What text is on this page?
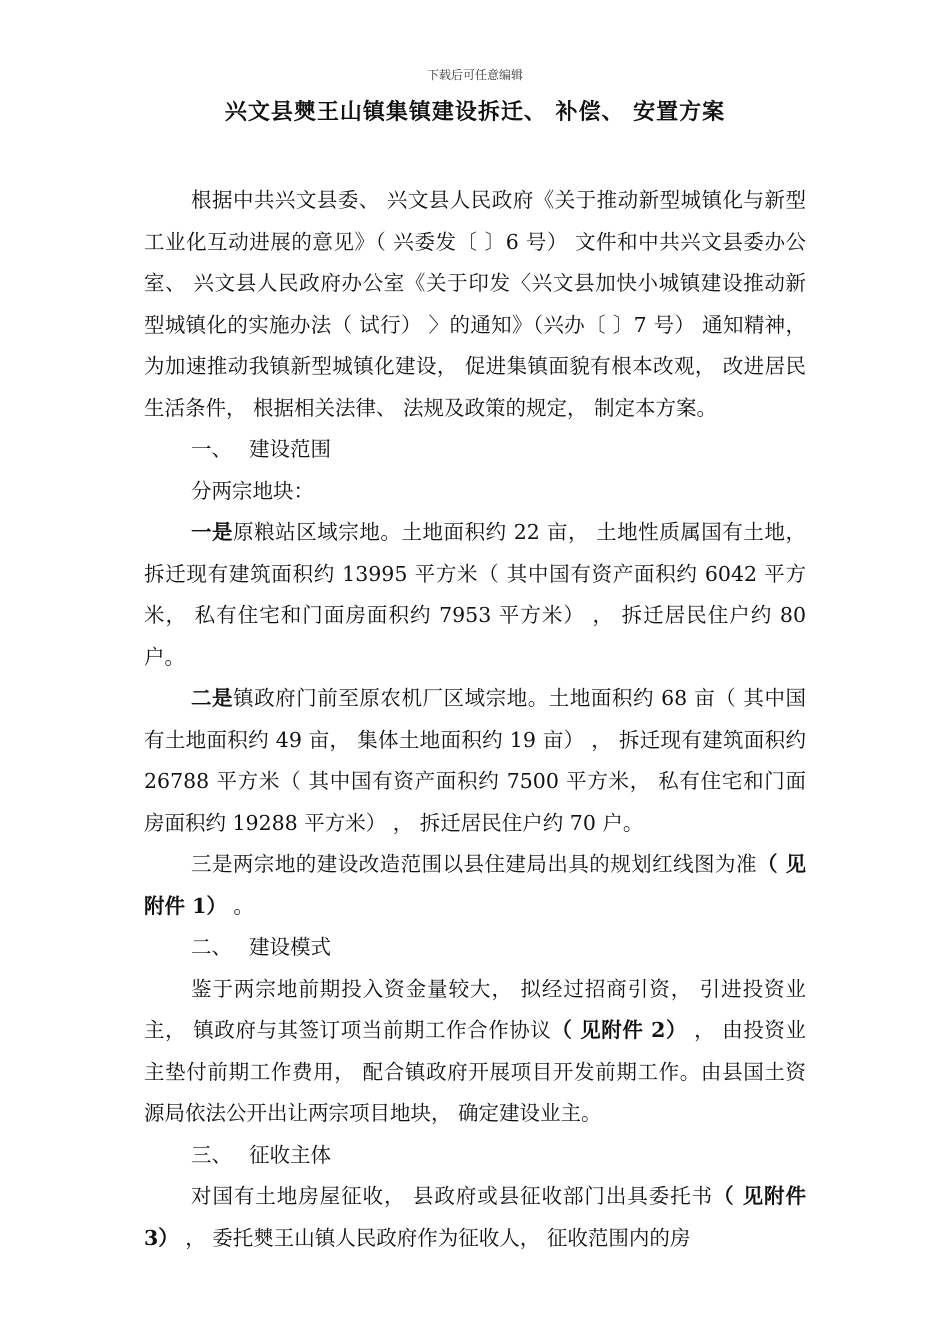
下载后可任意编辑
兴文县僰王山镇集镇建设拆迁、 补偿、 安置方案

根据中共兴文县委、 兴文县人民政府《关于推动新型城镇化与新型工业化互动进展的意见》（ 兴委发〔 〕6 号） 文件和中共兴文县委办公室、 兴文县人民政府办公室《关于印发〈兴文县加快小城镇建设推动新型城镇化的实施办法（ 试行） 〉的通知》（兴办〔 〕7 号） 通知精神， 为加速推动我镇新型城镇化建设， 促进集镇面貌有根本改观， 改进居民生活条件， 根据相关法律、 法规及政策的规定， 制定本方案。

一、 建设范围

分两宗地块：

一是原粮站区域宗地。土地面积约 22 亩， 土地性质属国有土地， 拆迁现有建筑面积约 13995 平方米（ 其中国有资产面积约 6042 平方米， 私有住宅和门面房面积约 7953 平方米） ， 拆迁居民住户约 80 户。

二是镇政府门前至原农机厂区域宗地。土地面积约 68 亩（ 其中国有土地面积约 49 亩， 集体土地面积约 19 亩） ， 拆迁现有建筑面积约 26788 平方米（ 其中国有资产面积约 7500 平方米， 私有住宅和门面房面积约 19288 平方米） ， 拆迁居民住户约 70 户。

三是两宗地的建设改造范围以县住建局出具的规划红线图为准（ 见附件 1） 。

二、 建设模式

鉴于两宗地前期投入资金量较大， 拟经过招商引资， 引进投资业主， 镇政府与其签订项当前期工作合作协议（ 见附件 2） ， 由投资业主垫付前期工作费用， 配合镇政府开展项目开发前期工作。由县国土资源局依法公开出让两宗项目地块， 确定建设业主。

三、 征收主体

对国有土地房屋征收， 县政府或县征收部门出具委托书（ 见附件 3） ， 委托僰王山镇人民政府作为征收人， 征收范围内的房
